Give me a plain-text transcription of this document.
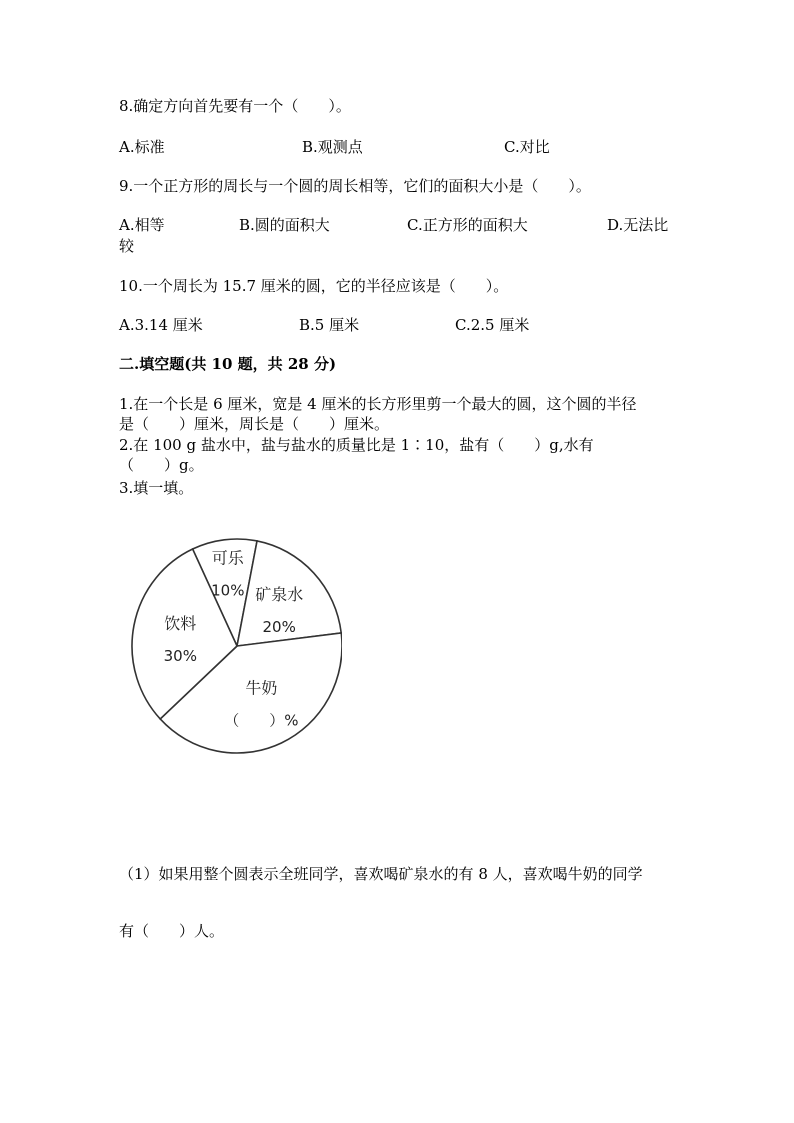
8.确定方向首先要有一个（　　）。
A.标准	B.观测点	C.对比
9.一个正方形的周长与一个圆的周长相等，它们的面积大小是（　　）。
A.相等	B.圆的面积大	C.正方形的面积大	D.无法比
较
10.一个周长为 15.7 厘米的圆，它的半径应该是（　　）。
A.3.14 厘米	B.5 厘米	C.2.5 厘米
二.填空题(共 10 题，共 28 分)
1.在一个长是 6 厘米，宽是 4 厘米的长方形里剪一个最大的圆，这个圆的半径
是（　　）厘米，周长是（　　）厘米。
2.在 100 g 盐水中，盐与盐水的质量比是 1∶10，盐有（　　）g,水有
（　　）g。
3.填一填。
可乐
10% 矿泉水
20%
牛奶
（　　）%
饮料
30%
（1）如果用整个圆表示全班同学，喜欢喝矿泉水的有 8 人，喜欢喝牛奶的同学
有（　　）人。
